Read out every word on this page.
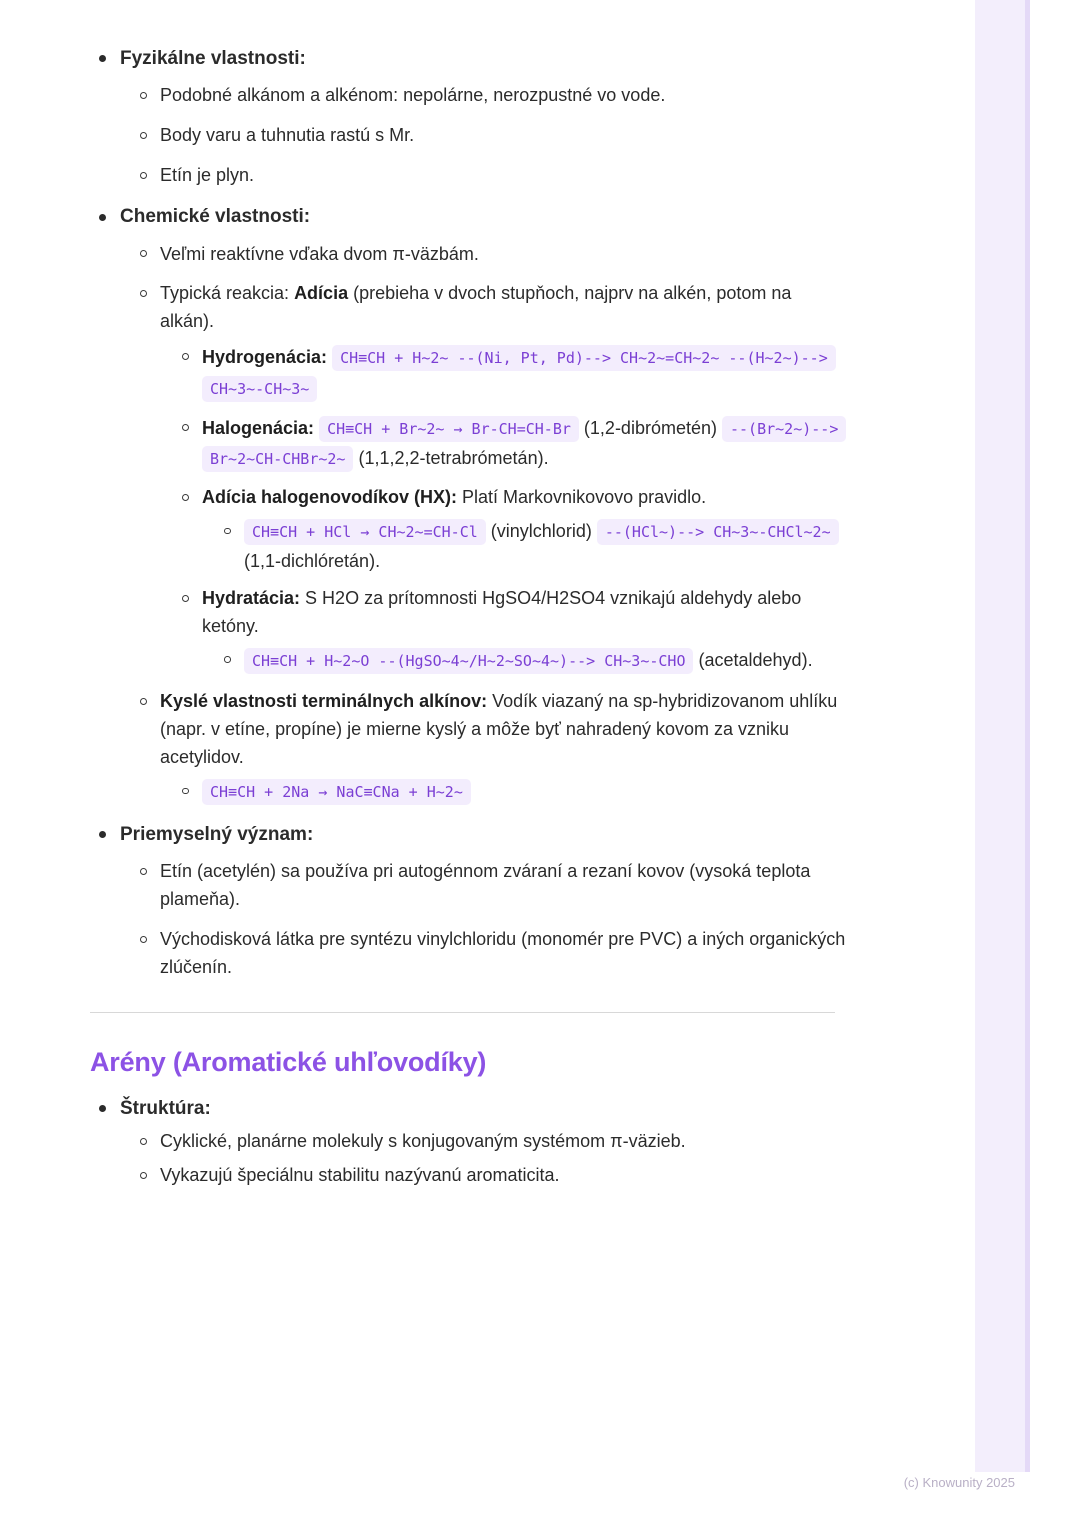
Fyzikálne vlastnosti:
Podobné alkánom a alkénom: nepolárne, nerozpustné vo vode.
Body varu a tuhnutia rastú s Mr.
Etín je plyn.
Chemické vlastnosti:
Veľmi reaktívne vďaka dvom π-väzbám.
Typická reakcia: Adícia (prebieha v dvoch stupňoch, najprv na alkén, potom na alkán).
Hydrogenácia: CH≡CH + H~2~ --(Ni, Pt, Pd)--> CH~2~=CH~2~ --(H~2~)--> CH~3~-CH~3~
Halogenácia: CH≡CH + Br~2~ → Br-CH=CH-Br (1,2-dibrómetén) --(Br~2~)--> Br~2~CH-CHBr~2~ (1,1,2,2-tetrabrómetán).
Adícia halogenovodíkov (HX): Platí Markovnikovovo pravidlo.
CH≡CH + HCl → CH~2~=CH-Cl (vinylchlorid) --(HCl~)--> CH~3~-CHCl~2~ (1,1-dichlóretán).
Hydratácia: S H2O za prítomnosti HgSO4/H2SO4 vznikajú aldehydy alebo ketóny.
CH≡CH + H~2~O --(HgSO~4~/H~2~SO~4~)--> CH~3~-CHO (acetaldehyd).
Kyslé vlastnosti terminálnych alkínov: Vodík viazaný na sp-hybridizovanom uhlíku (napr. v etíne, propíne) je mierne kyslý a môže byť nahradený kovom za vzniku acetylidov.
CH≡CH + 2Na → NaC≡CNa + H~2~
Priemyselný význam:
Etín (acetylén) sa používa pri autogénnom zváraní a rezaní kovov (vysoká teplota plameňa).
Východisková látka pre syntézu vinylchloridu (monomér pre PVC) a iných organických zlúčenín.
Arény (Aromatické uhľovodíky)
Štruktúra:
Cyklické, planárne molekuly s konjugovaným systémom π-väzieb.
Vykazujú špeciálnu stabilitu nazývanú aromaticita.
(c) Knowunity 2025
